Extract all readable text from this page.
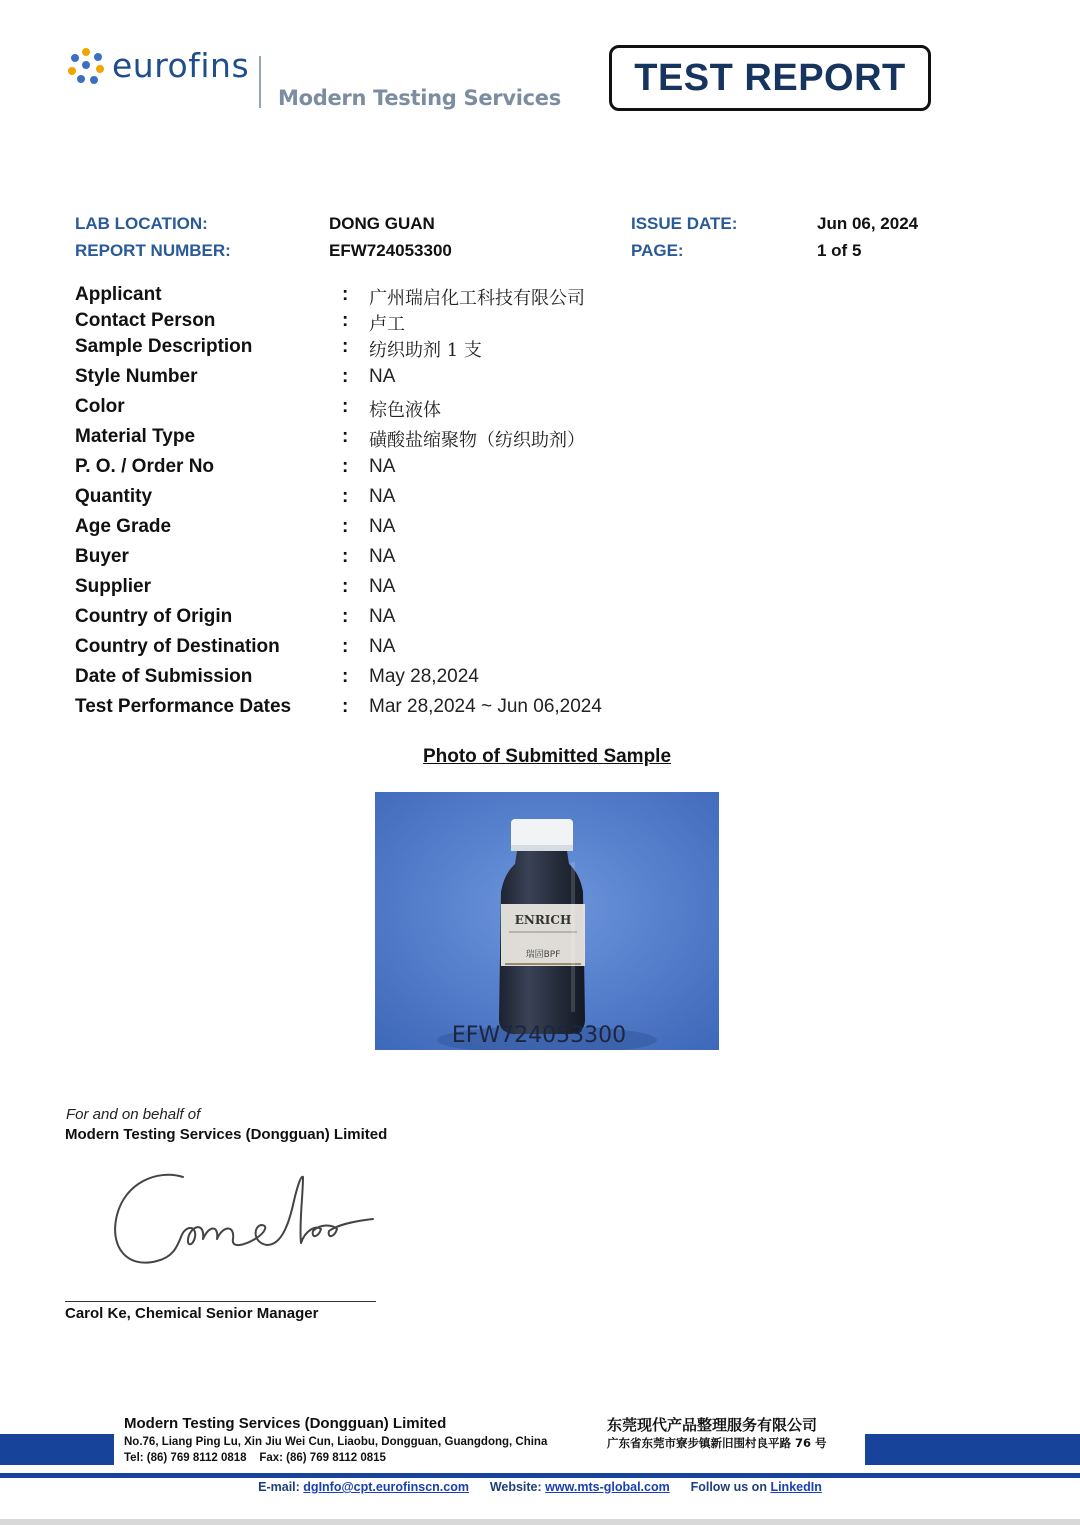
eurofins
Modern Testing Services	TEST REPORT
LAB LOCATION:	DONG GUAN
REPORT NUMBER:	EFW724053300
ISSUE DATE:	Jun 06, 2024
PAGE:	1 of 5
Applicant	: 广州瑞启化工科技有限公司
Contact Person	: 卢工
Sample Description	: 纺织助剂 1 支
Style Number	: NA
Color	: 棕色液体
Material Type	: 磺酸盐缩聚物（纺织助剂）
P. O. / Order No	: NA
Quantity	: NA
Age Grade	: NA
Buyer	: NA
Supplier	: NA
Country of Origin	: NA
Country of Destination	: NA
Date of Submission	: May 28,2024
Test Performance Dates	: Mar 28,2024 ~ Jun 06,2024
Photo of Submitted Sample
ENRICH
瑞固BPF
EFW724053300
For and on behalf of
Modern Testing Services (Dongguan) Limited
Carol Ke, Chemical Senior Manager
Modern Testing Services (Dongguan) Limited
No.76, Liang Ping Lu, Xin Jiu Wei Cun, Liaobu, Dongguan, Guangdong, China
Tel: (86) 769 8112 0818    Fax: (86) 769 8112 0815
东莞现代产品整理服务有限公司
广东省东莞市寮步镇新旧围村良平路 76 号
E-mail: dgInfo@cpt.eurofinscn.com Website: www.mts-global.com Follow us on LinkedIn
